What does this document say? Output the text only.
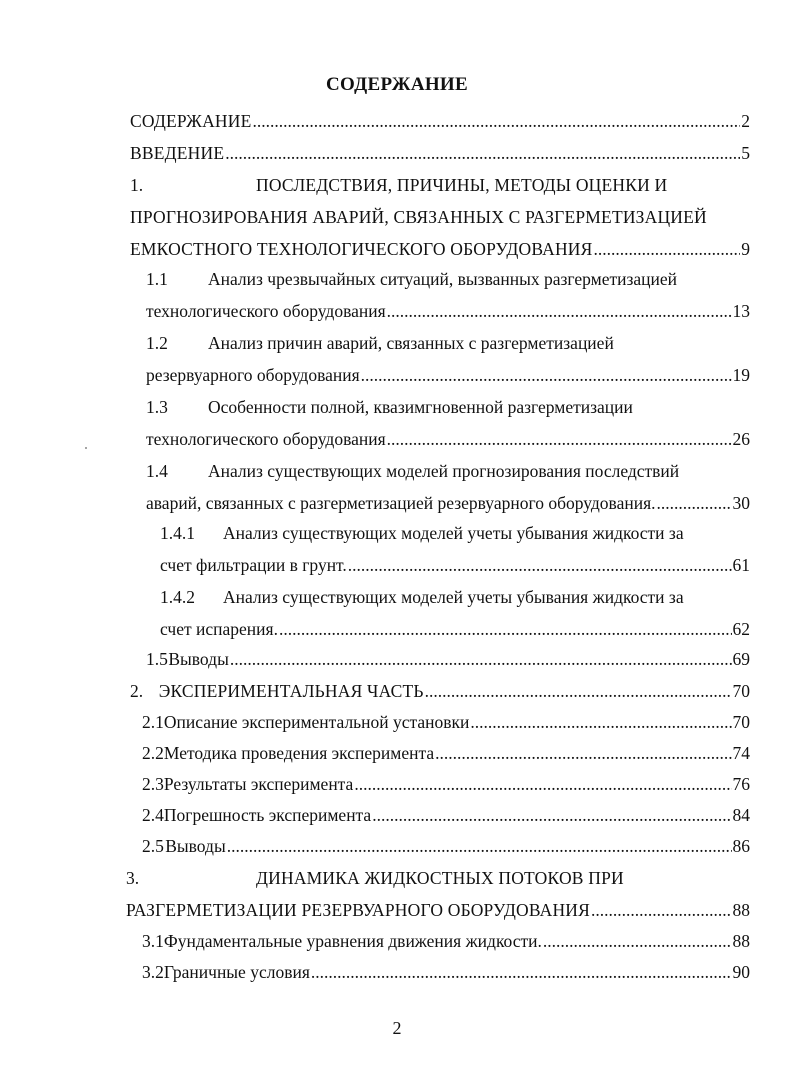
СОДЕРЖАНИЕ
СОДЕРЖАНИЕ .....	2
ВВЕДЕНИЕ .....	5
1.	ПОСЛЕДСТВИЯ, ПРИЧИНЫ, МЕТОДЫ ОЦЕНКИ И
ПРОГНОЗИРОВАНИЯ АВАРИЙ, СВЯЗАННЫХ С РАЗГЕРМЕТИЗАЦИЕЙ
ЕМКОСТНОГО ТЕХНОЛОГИЧЕСКОГО ОБОРУДОВАНИЯ .....	9
1.1	Анализ чрезвычайных ситуаций, вызванных разгерметизацией
технологического оборудования .....	13
1.2	Анализ причин аварий, связанных с разгерметизацией
резервуарного оборудования .....	19
1.3	Особенности полной, квазимгновенной разгерметизации
технологического оборудования .....	26
1.4	Анализ существующих моделей прогнозирования последствий
аварий, связанных с разгерметизацией резервуарного оборудования. .....	30
1.4.1	Анализ существующих моделей учеты убывания жидкости за
счет фильтрации в грунт. .....	61
1.4.2	Анализ существующих моделей учеты убывания жидкости за
счет испарения. .....	62
1.5 Выводы .....	69
2. ЭКСПЕРИМЕНТАЛЬНАЯ ЧАСТЬ .....	70
2.1 Описание экспериментальной установки .....	70
2.2 Методика проведения эксперимента .....	74
2.3 Результаты эксперимента .....	76
2.4 Погрешность эксперимента .....	84
2.5 Выводы .....	86
3.	ДИНАМИКА ЖИДКОСТНЫХ ПОТОКОВ ПРИ
РАЗГЕРМЕТИЗАЦИИ РЕЗЕРВУАРНОГО ОБОРУДОВАНИЯ .....	88
3.1 Фундаментальные уравнения движения жидкости. .....	88
3.2 Граничные условия .....	90
2
